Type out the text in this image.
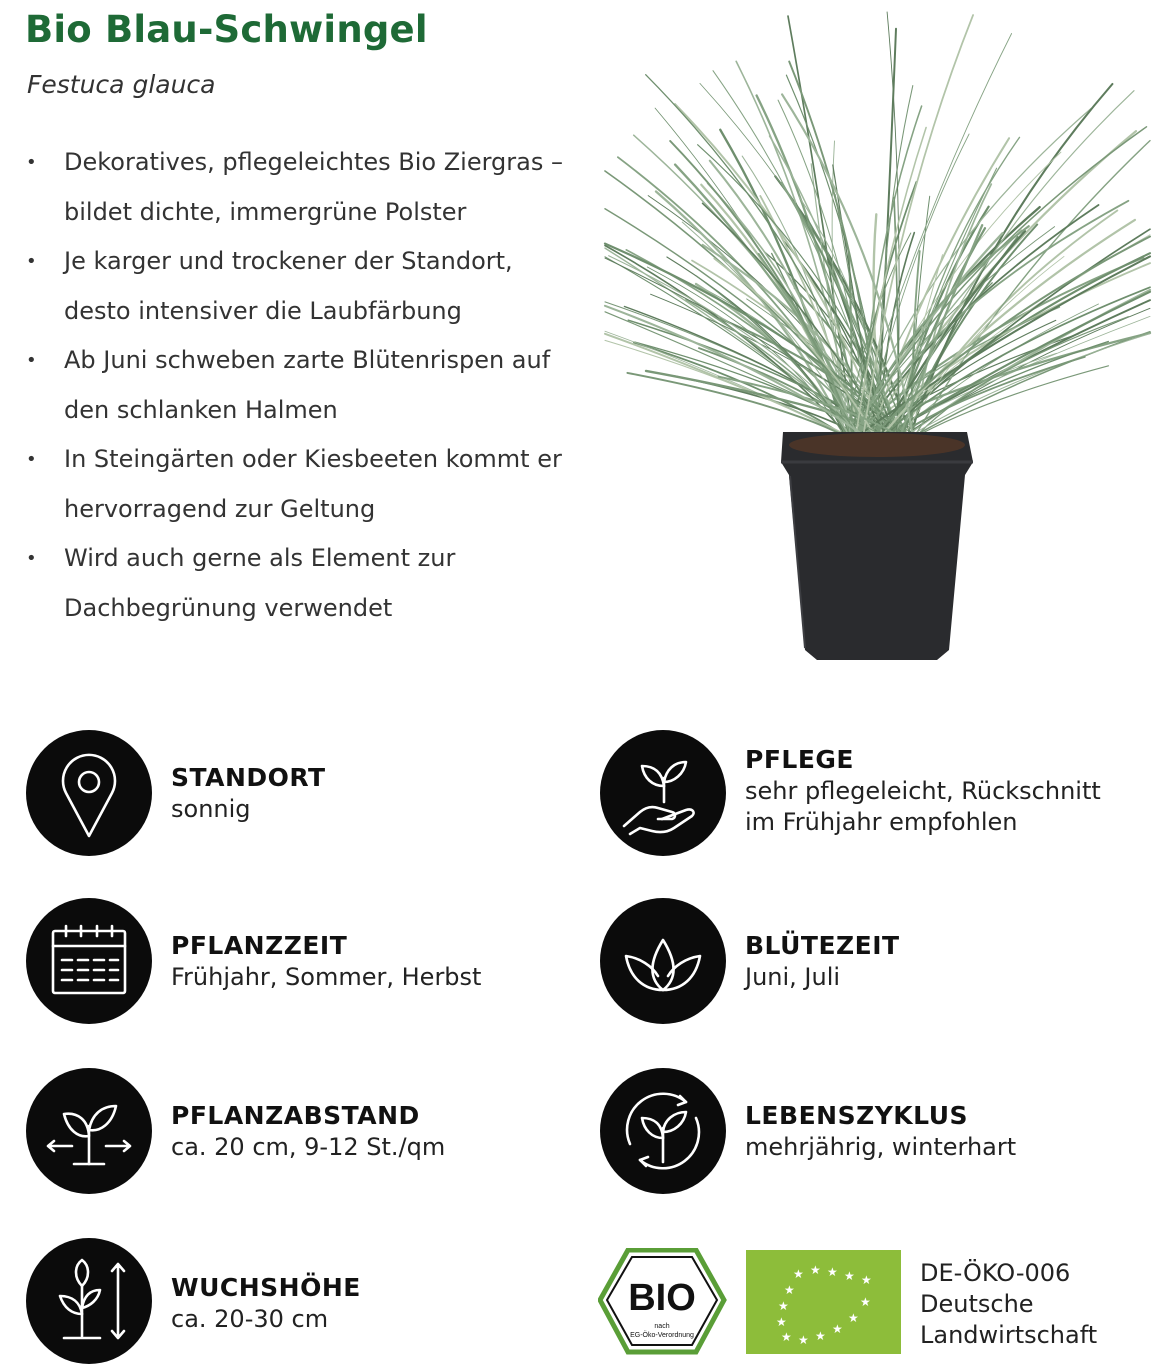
Bio Blau-Schwingel
Festuca glauca
• Dekoratives, pflegeleichtes Bio Ziergras – bildet dichte, immergrüne Polster
• Je karger und trockener der Standort, desto intensiver die Laubfärbung
• Ab Juni schweben zarte Blütenrispen auf den schlanken Halmen
• In Steingärten oder Kiesbeeten kommt er hervorragend zur Geltung
• Wird auch gerne als Element zur Dachbegrünung verwendet
STANDORT
sonnig
PFLEGE
sehr pflegeleicht, Rückschnitt im Frühjahr empfohlen
PFLANZZEIT
Frühjahr, Sommer, Herbst
BLÜTEZEIT
Juni, Juli
PFLANZABSTAND
ca. 20 cm, 9-12 St./qm
LEBENSZYKLUS
mehrjährig, winterhart
WUCHSHÖHE
ca. 20-30 cm	BIO
nach
EG-Öko-Verordnung
★ ★ ★ ★ ★
★
★
★
★ ★ ★ ★
★
★
DE-ÖKO-006
Deutsche
Landwirtschaft
